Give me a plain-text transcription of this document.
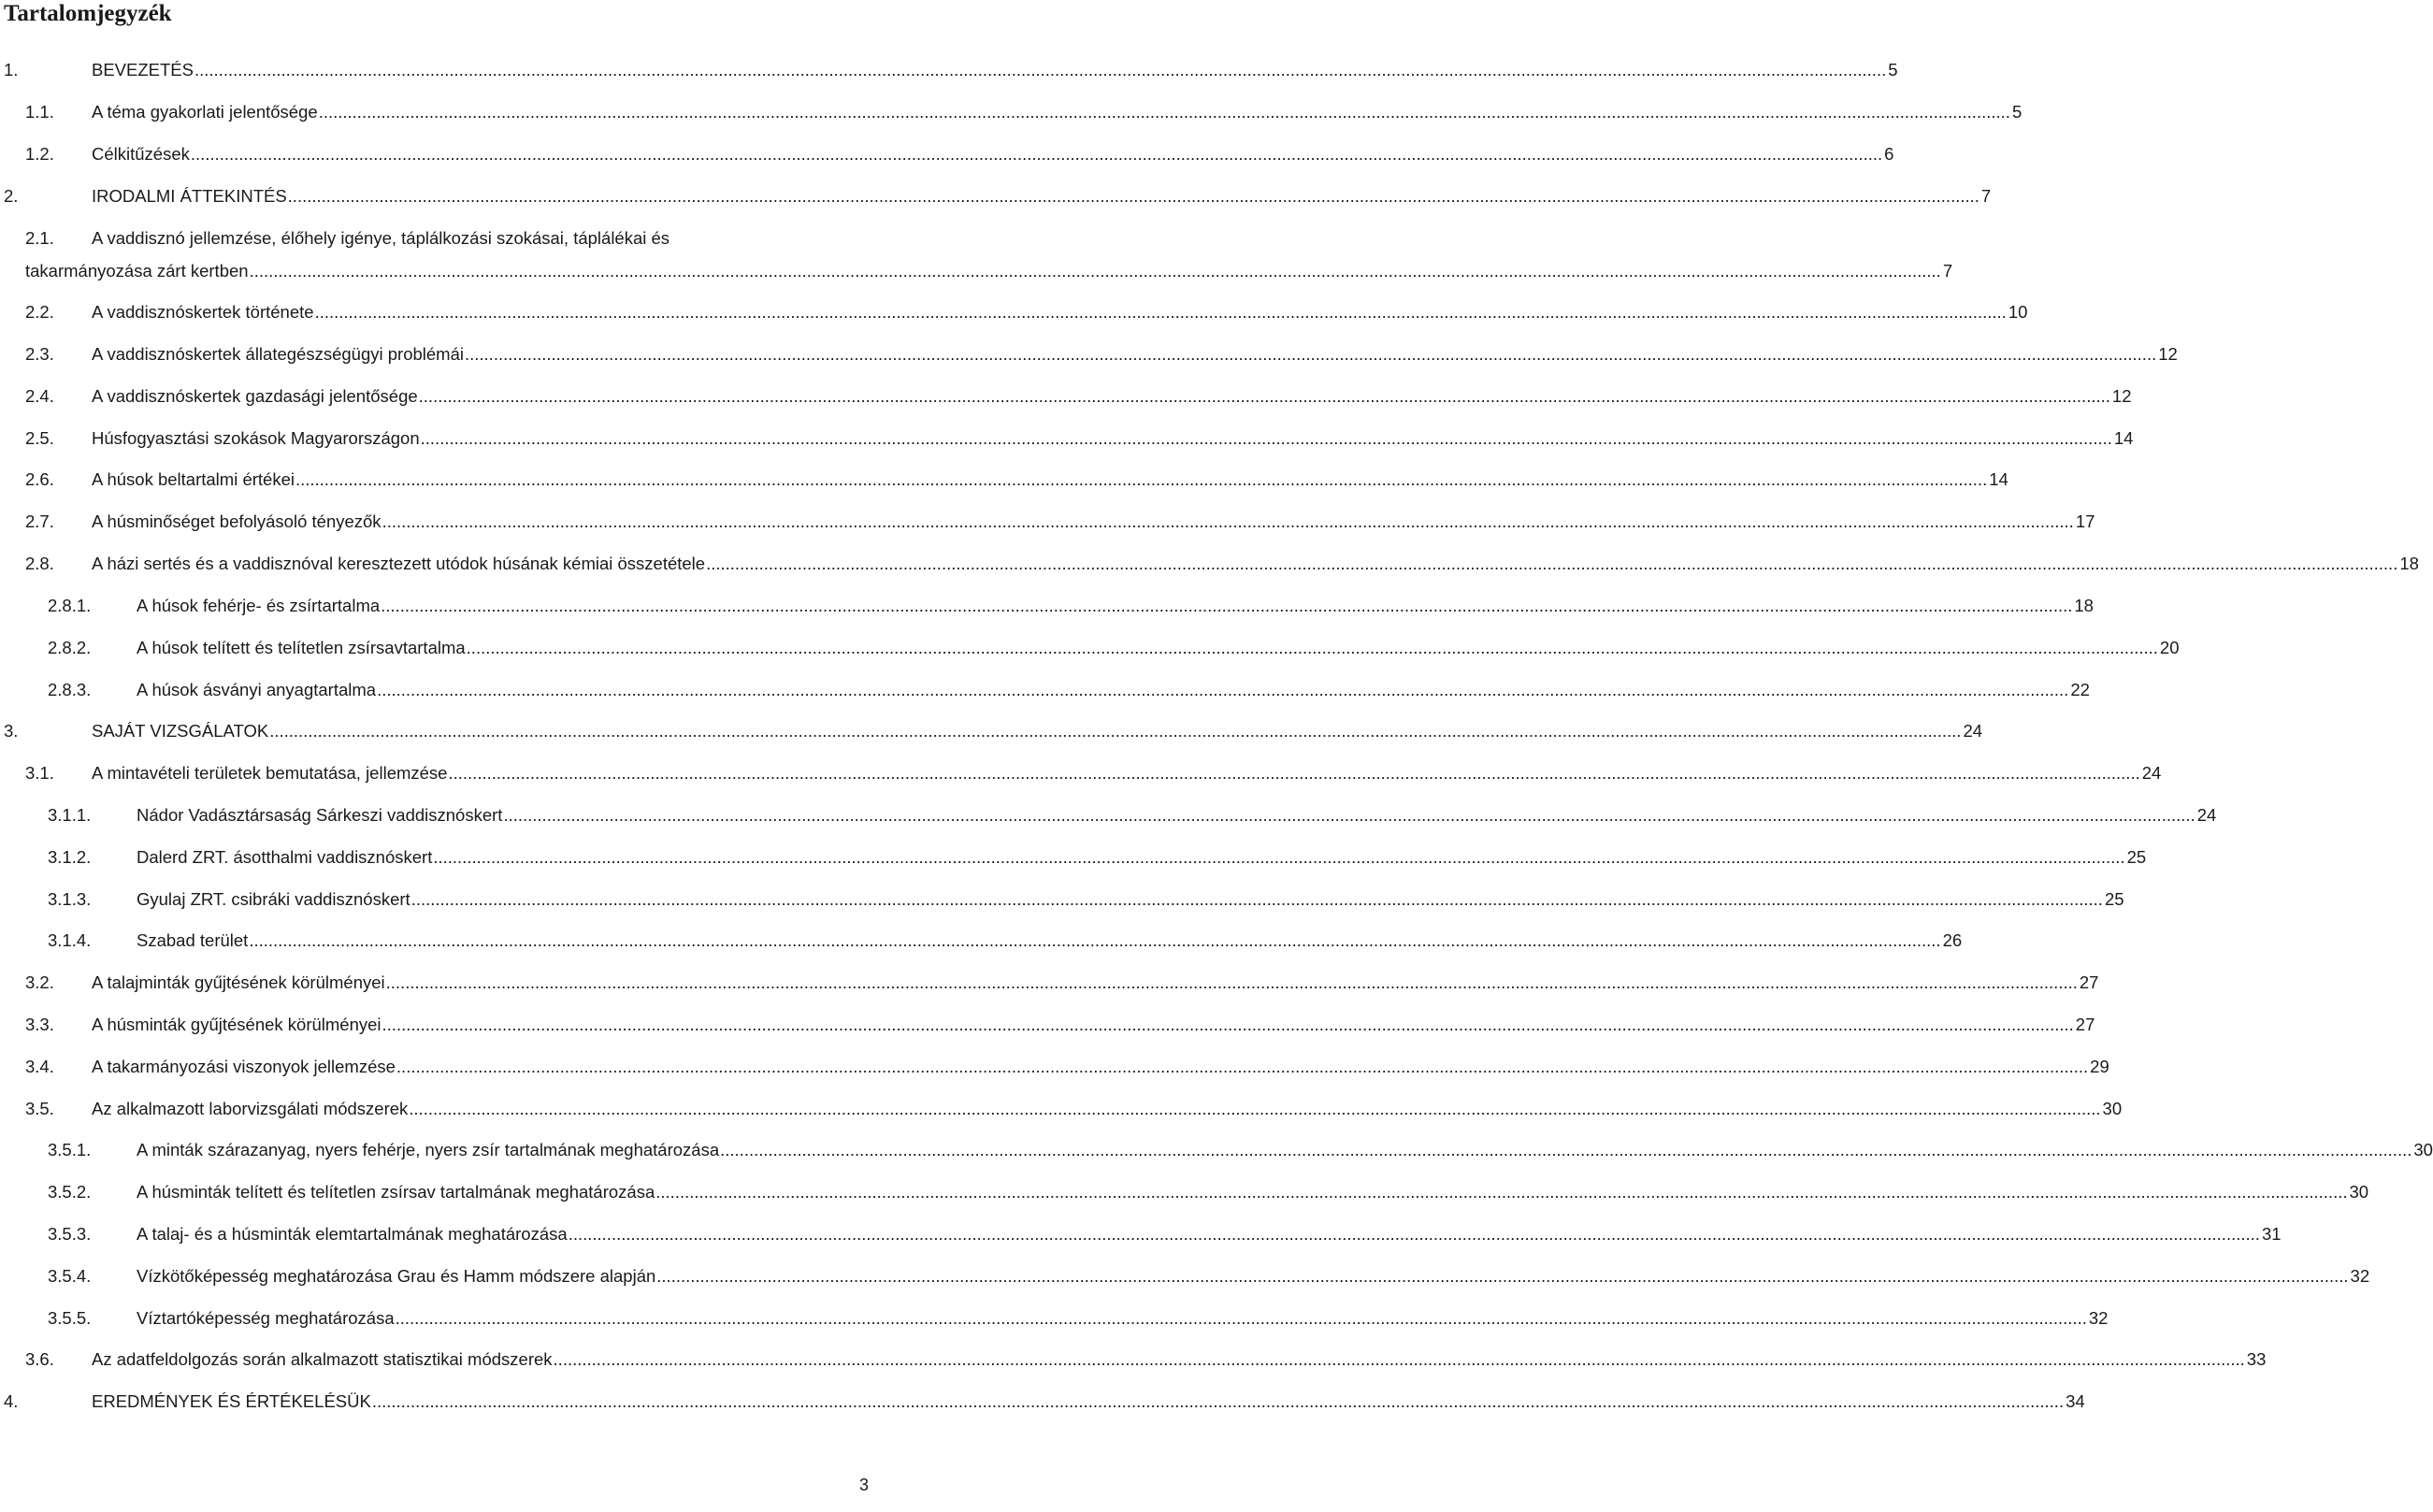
Tartalomjegyzék
1.	BEVEZETÉS .....	5
1.1.	A téma gyakorlati jelentősége .....	5
1.2.	Célkitűzések .....	6
2.	IRODALMI ÁTTEKINTÉS .....	7
2.1.	A vaddisznó jellemzése, élőhely igénye, táplálkozási szokásai, táplálékai és
takarmányozása zárt kertben .....	7
2.2.	A vaddisznóskertek története .....	10
2.3.	A vaddisznóskertek állategészségügyi problémái .....	12
2.4.	A vaddisznóskertek gazdasági jelentősége .....	12
2.5.	Húsfogyasztási szokások Magyarországon .....	14
2.6.	A húsok beltartalmi értékei .....	14
2.7.	A húsminőséget befolyásoló tényezők .....	17
2.8.	A házi sertés és a vaddisznóval keresztezett utódok húsának kémiai összetétele .....	18
2.8.1.	A húsok fehérje- és zsírtartalma .....	18
2.8.2.	A húsok telített és telítetlen zsírsavtartalma .....	20
2.8.3.	A húsok ásványi anyagtartalma .....	22
3.	SAJÁT VIZSGÁLATOK .....	24
3.1.	A mintavételi területek bemutatása, jellemzése .....	24
3.1.1.	Nádor Vadásztársaság Sárkeszi vaddisznóskert .....	24
3.1.2.	Dalerd ZRT. ásotthalmi vaddisznóskert .....	25
3.1.3.	Gyulaj ZRT. csibráki vaddisznóskert .....	25
3.1.4.	Szabad terület .....	26
3.2.	A talajminták gyűjtésének körülményei .....	27
3.3.	A húsminták gyűjtésének körülményei .....	27
3.4.	A takarmányozási viszonyok jellemzése .....	29
3.5.	Az alkalmazott laborvizsgálati módszerek .....	30
3.5.1.	A minták szárazanyag, nyers fehérje, nyers zsír tartalmának meghatározása .....	30
3.5.2.	A húsminták telített és telítetlen zsírsav tartalmának meghatározása .....	30
3.5.3.	A talaj- és a húsminták elemtartalmának meghatározása .....	31
3.5.4.	Vízkötőképesség meghatározása Grau és Hamm módszere alapján .....	32
3.5.5.	Víztartóképesség meghatározása .....	32
3.6.	Az adatfeldolgozás során alkalmazott statisztikai módszerek .....	33
4.	EREDMÉNYEK ÉS ÉRTÉKELÉSÜK .....	34

3
